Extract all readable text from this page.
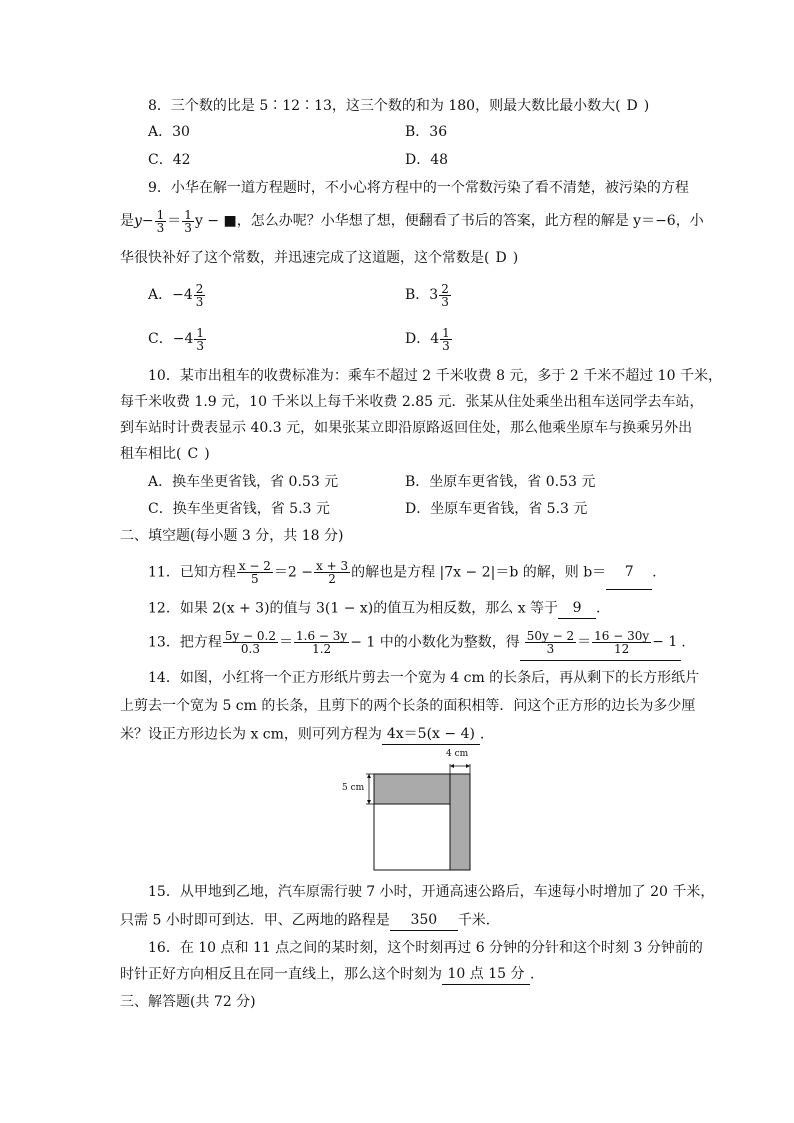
8．三个数的比是 5∶12∶13，这三个数的和为 180，则最大数比最小数大( D )
A．30	B．36
C．42	D．48
9．小华在解一道方程题时，不小心将方程中的一个常数污染了看不清楚，被污染的方程
是$y- \frac{1}{3} = \frac{1}{3}$ y − ■，怎么办呢？小华想了想，便翻看了书后的答案，此方程的解是 y＝−6，小
华很快补好了这个常数，并迅速完成了这道题，这个常数是( D )
A．$-4 \frac{2}{3}$	B．$3 \frac{2}{3}$
C．$-4 \frac{1}{3}$	D．$4 \frac{1}{3}$
10．某市出租车的收费标准为：乘车不超过 2 千米收费 8 元，多于 2 千米不超过 10 千米，
每千米收费 1.9 元，10 千米以上每千米收费 2.85 元．张某从住处乘坐出租车送同学去车站，
到车站时计费表显示 40.3 元，如果张某立即沿原路返回住处，那么他乘坐原车与换乘另外出
租车相比( C )
A．换车坐更省钱，省 0.53 元	B．坐原车更省钱，省 0.53 元
C．换车坐更省钱，省 5.3 元	D．坐原车更省钱，省 5.3 元
二、填空题(每小题 3 分，共 18 分)
11．已知方程 $\frac{x - 2}{5} =2 - \frac{x + 3}{2}$ 的解也是方程 |7x − 2|＝b 的解，则 b＝ 7 .
12．如果 2(x + 3)的值与 3(1 − x)的值互为相反数，那么 x 等于 9 .
13．把方程 $\frac{5y - 0.2}{0.3} = \frac{1.6 - 3y}{1.2} - 1$ 中的小数化为整数，得 $\frac{50y - 2}{3} = \frac{16 - 30y}{12} - 1$ .
14．如图，小红将一个正方形纸片剪去一个宽为 4 cm 的长条后，再从剩下的长方形纸片
上剪去一个宽为 5 cm 的长条，且剪下的两个长条的面积相等．问这个正方形的边长为多少厘
米？设正方形边长为 x cm，则可列方程为 4x＝5(x − 4) .
4 cm
5 cm
15．从甲地到乙地，汽车原需行驶 7 小时，开通高速公路后，车速每小时增加了 20 千米，
只需 5 小时即可到达．甲、乙两地的路程是 350 千米．
16．在 10 点和 11 点之间的某时刻，这个时刻再过 6 分钟的分针和这个时刻 3 分钟前的
时针正好方向相反且在同一直线上，那么这个时刻为 10 点 15 分 .
三、解答题(共 72 分)
